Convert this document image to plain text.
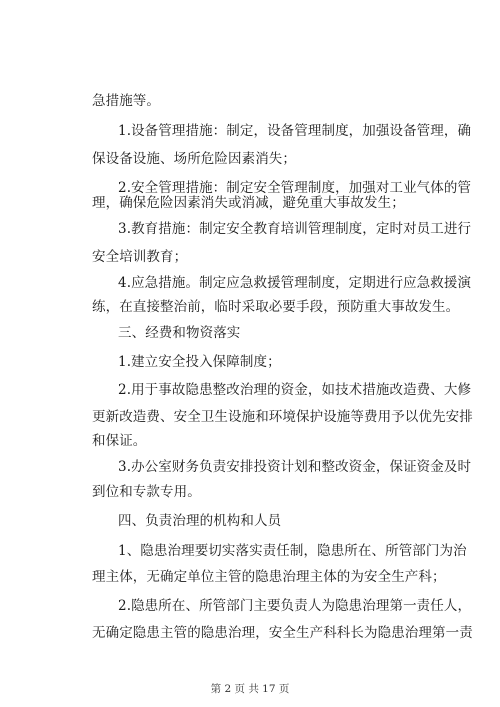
急措施等。
1.设备管理措施：制定，设备管理制度，加强设备管理，确
保设备设施、场所危险因素消失；
2.安全管理措施：制定安全管理制度，加强对工业气体的管
理，确保危险因素消失或消减，避免重大事故发生；
3.教育措施：制定安全教育培训管理制度，定时对员工进行
安全培训教育；
4.应急措施。制定应急救援管理制度，定期进行应急救援演
练，在直接整治前，临时采取必要手段，预防重大事故发生。
三、经费和物资落实
1.建立安全投入保障制度；
2.用于事故隐患整改治理的资金，如技术措施改造费、大修
更新改造费、安全卫生设施和环境保护设施等费用予以优先安排
和保证。
3.办公室财务负责安排投资计划和整改资金，保证资金及时
到位和专款专用。
四、负责治理的机构和人员
1、隐患治理要切实落实责任制，隐患所在、所管部门为治
理主体，无确定单位主管的隐患治理主体的为安全生产科；
2.隐患所在、所管部门主要负责人为隐患治理第一责任人，
无确定隐患主管的隐患治理，安全生产科科长为隐患治理第一责
第 2 页 共 17 页
